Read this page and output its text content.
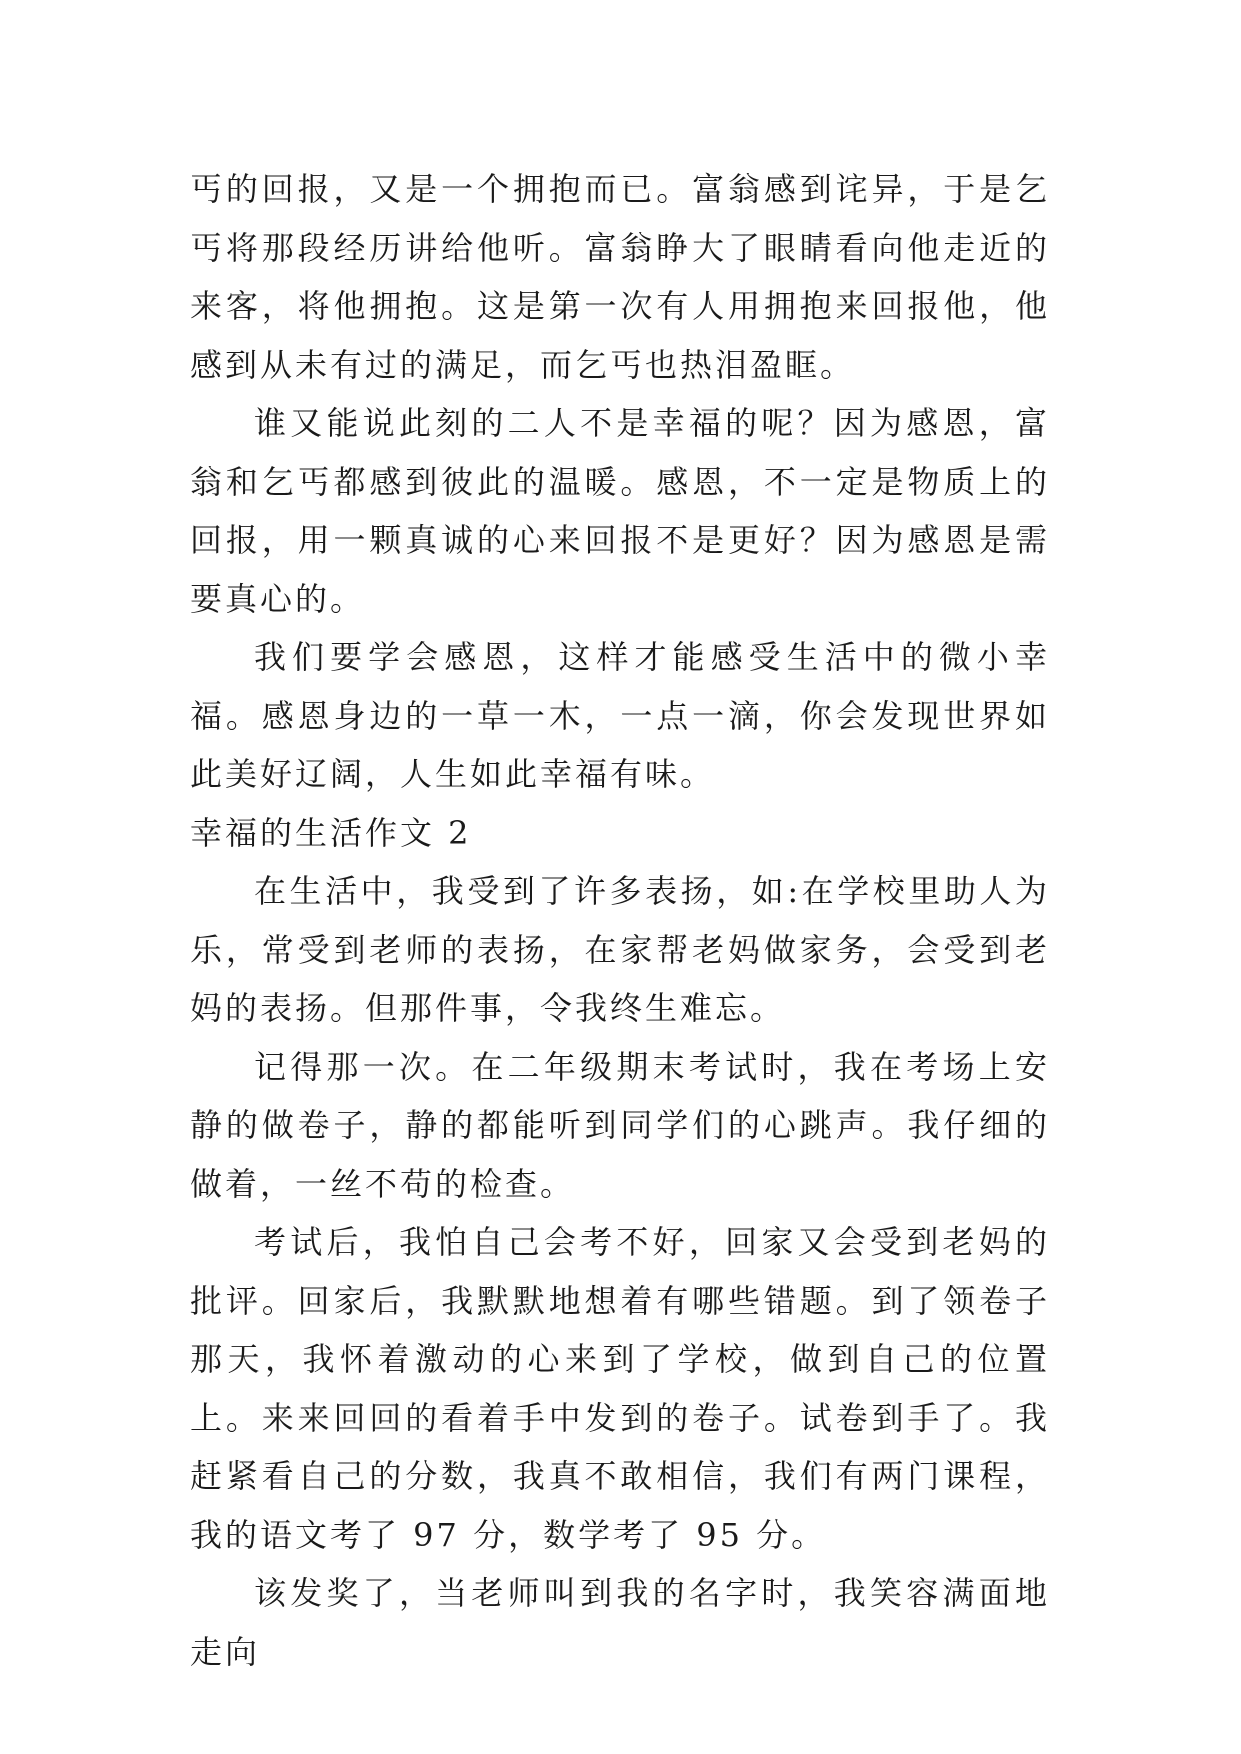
丐的回报，又是一个拥抱而已。富翁感到诧异，于是乞丐将那段经历讲给他听。富翁睁大了眼睛看向他走近的来客，将他拥抱。这是第一次有人用拥抱来回报他，他感到从未有过的满足，而乞丐也热泪盈眶。

谁又能说此刻的二人不是幸福的呢？因为感恩，富翁和乞丐都感到彼此的温暖。感恩，不一定是物质上的回报，用一颗真诚的心来回报不是更好？因为感恩是需要真心的。

我们要学会感恩，这样才能感受生活中的微小幸福。感恩身边的一草一木，一点一滴，你会发现世界如此美好辽阔，人生如此幸福有味。

幸福的生活作文 2

在生活中，我受到了许多表扬，如:在学校里助人为乐，常受到老师的表扬，在家帮老妈做家务，会受到老妈的表扬。但那件事，令我终生难忘。

记得那一次。在二年级期末考试时，我在考场上安静的做卷子，静的都能听到同学们的心跳声。我仔细的做着，一丝不苟的检查。

考试后，我怕自己会考不好，回家又会受到老妈的批评。回家后，我默默地想着有哪些错题。到了领卷子那天，我怀着激动的心来到了学校，做到自己的位置上。来来回回的看着手中发到的卷子。试卷到手了。我赶紧看自己的分数，我真不敢相信，我们有两门课程，我的语文考了 97 分，数学考了 95 分。

该发奖了，当老师叫到我的名字时，我笑容满面地走向
